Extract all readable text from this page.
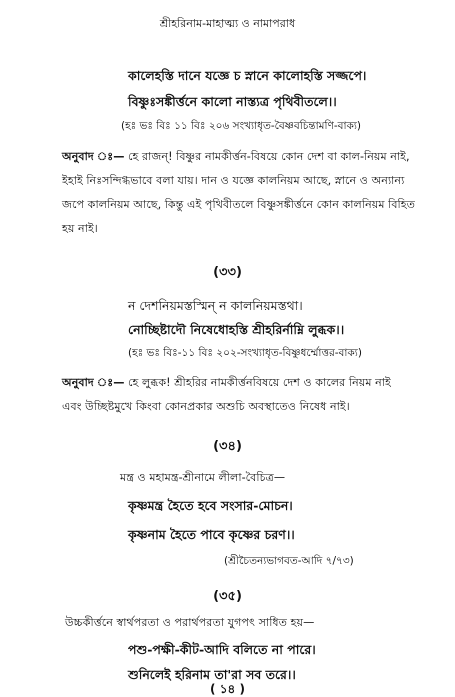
শ্রীহরিনাম-মাহাত্ম্য ও নামাপরাধ
কালেহস্তি দানে যজ্ঞে চ স্নানে কালোহস্তি সজ্জপে।
বিষ্ণুঃসঙ্কীর্ত্তনে কালো নাস্ত্যত্র পৃথিবীতলে।।
(হঃ ভঃ বিঃ ১১ বিঃ ২০৬ সংখ্যাধৃত-বৈষ্ণবচিন্তামণি-বাক্য)
অনুবাদ ঃ— হে রাজন্! বিষ্ণুর নামকীর্ত্তন-বিষয়ে কোন দেশ বা কাল-নিয়ম নাই,
ইহাই নিঃসন্দিগ্ধভাবে বলা যায়। দান ও যজ্ঞে কালনিয়ম আছে, স্নানে ও অন্যান্য
জপে কালনিয়ম আছে, কিন্তু এই পৃথিবীতলে বিষ্ণুসঙ্কীর্ত্তনে কোন কালনিয়ম বিহিত
হয় নাই।
(৩৩)
ন দেশনিয়মস্তস্মিন্ ন কালনিয়মস্তথা।
নোচ্ছিষ্টাদৌ নিষেধোহস্তি শ্রীহরির্নাম্নি লুব্ধক।।
(হঃ ভঃ বিঃ-১১ বিঃ ২০২-সংখ্যাধৃত-বিষ্ণুধর্ম্মোত্তর-বাক্য)
অনুবাদ ঃ— হে লুব্ধক! শ্রীহরির নামকীর্ত্তনবিষয়ে দেশ ও কালের নিয়ম নাই
এবং উচ্ছিষ্টমুখে কিংবা কোনপ্রকার অশুচি অবস্থাতেও নিষেধ নাই।
(৩৪)
মন্ত্র ও মহামন্ত্র-শ্রীনামে লীলা-বৈচিত্র—
কৃষ্ণমন্ত্র হৈতে হবে সংসার-মোচন।
কৃষ্ণনাম হৈতে পাবে কৃষ্ণের চরণ।।
(শ্রীচৈতন্যভাগবত-আদি ৭/৭৩)
(৩৫)
উচ্চকীর্ত্তনে স্বার্থপরতা ও পরার্থপরতা যুগপৎ সাধিত হয়—
পশু-পক্ষী-কীট-আদি বলিতে না পারে।
শুনিলেই হরিনাম তা'রা সব তরে।।
( ১৪ )
